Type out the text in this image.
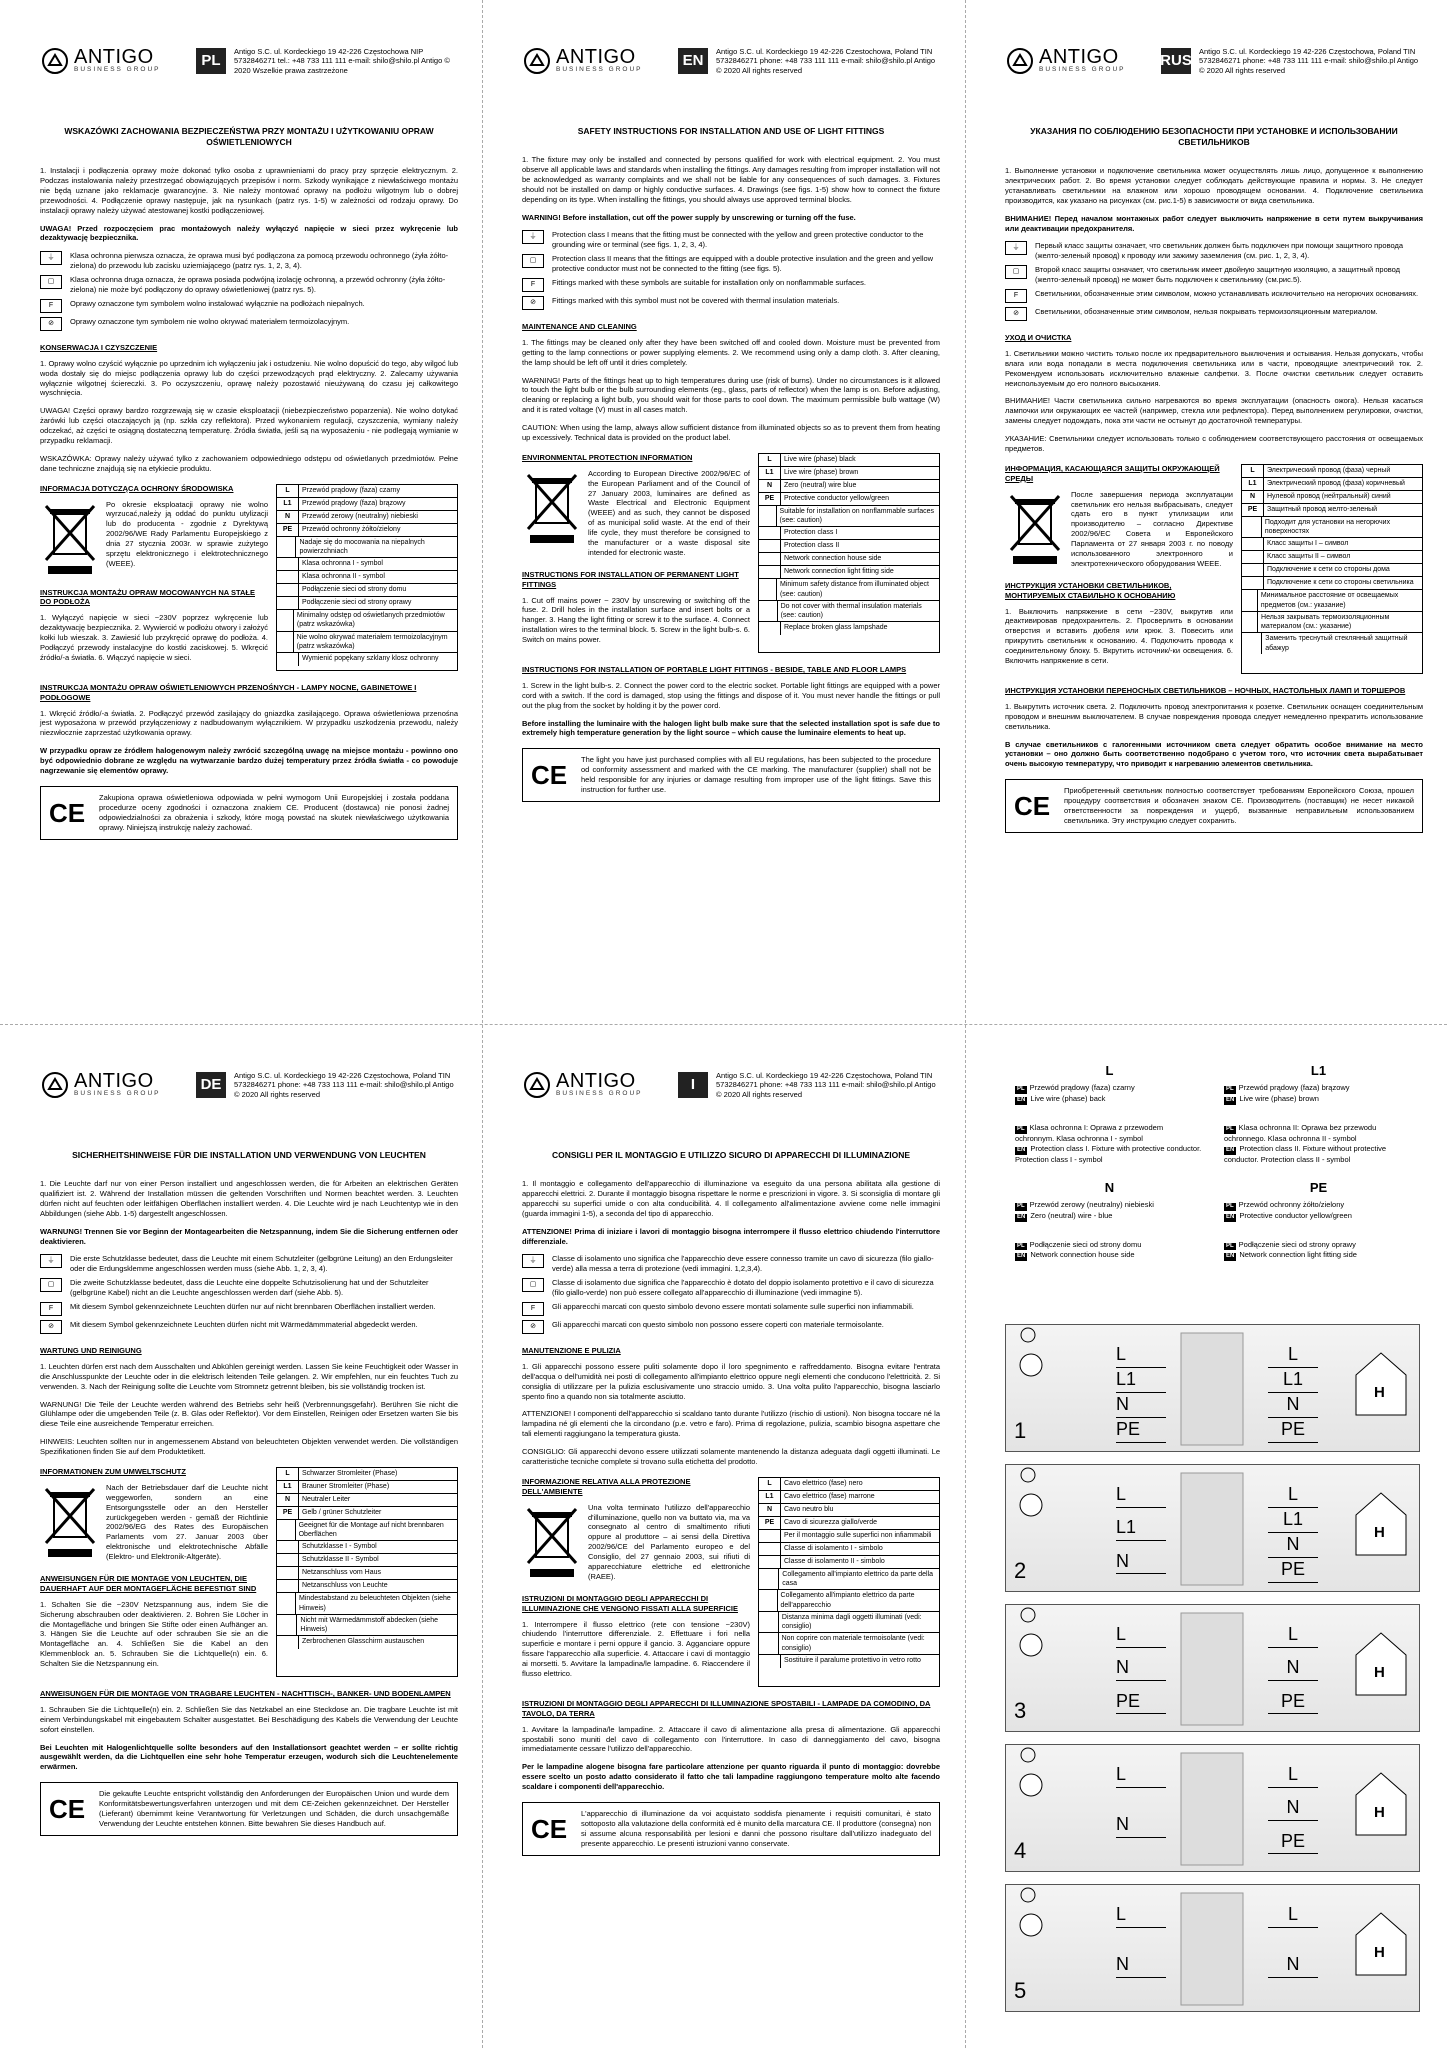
ANTIGO
BUSINESS GROUP
PL
Antigo S.C. ul. Kordeckiego 19 42-226 Częstochowa NIP 5732846271 tel.: +48 733 111 111 e-mail: shilo@shilo.pl Antigo © 2020 Wszelkie prawa zastrzeżone
WSKAZÓWKI ZACHOWANIA BEZPIECZEŃSTWA PRZY MONTAŻU I UŻYTKOWANIU OPRAW OŚWIETLENIOWYCH
1. Instalacji i podłączenia oprawy może dokonać tylko osoba z uprawnieniami do pracy przy sprzęcie elektrycznym. 2. Podczas instalowania należy przestrzegać obowiązujących przepisów i norm. Szkody wynikające z niewłaściwego montażu nie będą uznane jako reklamacje gwarancyjne. 3. Nie należy montować oprawy na podłożu wilgotnym lub o dobrej przewodności. 4. Podłączenie oprawy następuje, jak na rysunkach (patrz rys. 1-5) w zależności od rodzaju oprawy. Do instalacji oprawy należy używać atestowanej kostki podłączeniowej.
UWAGA! Przed rozpoczęciem prac montażowych należy wyłączyć napięcie w sieci przez wykręcenie lub dezaktywację bezpiecznika.
⏚	Klasa ochronna pierwsza oznacza, że oprawa musi być podłączona za pomocą przewodu ochronnego (żyła żółto-zielona) do przewodu lub zacisku uziemiającego (patrz rys. 1, 2, 3, 4).
▢	Klasa ochronna druga oznacza, że oprawa posiada podwójną izolację ochronną, a przewód ochronny (żyła żółto-zielona) nie może być podłączony do oprawy oświetleniowej (patrz rys. 5).
F	Oprawy oznaczone tym symbolem wolno instalować wyłącznie na podłożach niepalnych.
⊘	Oprawy oznaczone tym symbolem nie wolno okrywać materiałem termoizolacyjnym.
KONSERWACJA I CZYSZCZENIE
1. Oprawy wolno czyścić wyłącznie po uprzednim ich wyłączeniu jak i ostudzeniu. Nie wolno dopuścić do tego, aby wilgoć lub woda dostały się do miejsc podłączenia oprawy lub do części przewodzących prąd elektryczny. 2. Zalecamy używania wyłącznie wilgotnej ściereczki. 3. Po oczyszczeniu, oprawę należy pozostawić nieużywaną do czasu jej całkowitego wyschnięcia.
UWAGA! Części oprawy bardzo rozgrzewają się w czasie eksploatacji (niebezpieczeństwo poparzenia). Nie wolno dotykać żarówki lub części otaczających ją (np. szkła czy reflektora). Przed wykonaniem regulacji, czyszczenia, wymiany należy odczekać, aż części te osiągną dostateczną temperaturę. Źródła światła, jeśli są na wyposażeniu - nie podlegają wymianie w przypadku reklamacji.
WSKAZÓWKA: Oprawy należy używać tylko z zachowaniem odpowiedniego odstępu od oświetlanych przedmiotów. Pełne dane techniczne znajdują się na etykiecie produktu.
INFORMACJA DOTYCZĄCA OCHRONY ŚRODOWISKA
Po okresie eksploatacji oprawy nie wolno wyrzucać,należy ją oddać do punktu utylizacji lub do producenta - zgodnie z Dyrektywą 2002/96/WE Rady Parlamentu Europejskiego z dnia 27 stycznia 2003r. w sprawie zużytego sprzętu elektronicznego i elektrotechnicznego (WEEE).
INSTRUKCJA MONTAŻU OPRAW MOCOWANYCH NA STAŁE DO PODŁOŻA
1. Wyłączyć napięcie w sieci ~230V poprzez wykręcenie lub dezaktywację bezpiecznika. 2. Wywiercić w podłożu otwory i założyć kołki lub wieszak. 3. Zawiesić lub przykręcić oprawę do podłoża. 4. Podłączyć przewody instalacyjne do kostki zaciskowej. 5. Wkręcić źródło/-a światła. 6. Włączyć napięcie w sieci.
L	Przewód prądowy (faza) czarny
L1	Przewód prądowy (faza) brązowy
N	Przewód zerowy (neutralny) niebieski
PE	Przewód ochronny żółto/zielony
Nadaje się do mocowania na niepalnych powierzchniach
Klasa ochronna I - symbol
Klasa ochronna II - symbol
Podłączenie sieci od strony domu
Podłączenie sieci od strony oprawy
Minimalny odstęp od oświetlanych przedmiotów (patrz wskazówka)
Nie wolno okrywać materiałem termoizolacyjnym (patrz wskazówka)
Wymienić popękany szklany klosz ochronny
INSTRUKCJA MONTAŻU OPRAW OŚWIETLENIOWYCH PRZENOŚNYCH - LAMPY NOCNE, GABINETOWE I PODŁOGOWE
1. Wkręcić źródło/-a światła. 2. Podłączyć przewód zasilający do gniazdka zasilającego. Oprawa oświetleniowa przenośna jest wyposażona w przewód przyłączeniowy z nadbudowanym wyłącznikiem. W przypadku uszkodzenia przewodu, należy niezwłocznie zaprzestać użytkowania oprawy.
W przypadku opraw ze źródłem halogenowym należy zwrócić szczególną uwagę na miejsce montażu - powinno ono być odpowiednio dobrane ze względu na wytwarzanie bardzo dużej temperatury przez źródła światła - co powoduje nagrzewanie się elementów oprawy.
CE
Zakupiona oprawa oświetleniowa odpowiada w pełni wymogom Unii Europejskiej i została poddana procedurze oceny zgodności i oznaczona znakiem CE. Producent (dostawca) nie ponosi żadnej odpowiedzialności za obrażenia i szkody, które mogą powstać na skutek niewłaściwego użytkowania oprawy. Niniejszą instrukcję należy zachować.
ANTIGO
BUSINESS GROUP
EN
Antigo S.C. ul. Kordeckiego 19 42-226 Czestochowa, Poland TIN 5732846271 phone: +48 733 111 111 e-mail: shilo@shilo.pl Antigo © 2020 All rights reserved
SAFETY INSTRUCTIONS FOR INSTALLATION AND USE OF LIGHT FITTINGS
1. The fixture may only be installed and connected by persons qualified for work with electrical equipment. 2. You must observe all applicable laws and standards when installing the fittings. Any damages resulting from improper installation will not be acknowledged as warranty complaints and we shall not be liable for any consequences of such damages. 3. Fixtures should not be installed on damp or highly conductive surfaces. 4. Drawings (see figs. 1-5) show how to connect the fixture depending on its type. When installing the fittings, you should always use approved terminal blocks.
WARNING! Before installation, cut off the power supply by unscrewing or turning off the fuse.
⏚	Protection class I means that the fitting must be connected with the yellow and green protective conductor to the grounding wire or terminal (see figs. 1, 2, 3, 4).
▢	Protection class II means that the fittings are equipped with a double protective insulation and the green and yellow protective conductor must not be connected to the fitting (see figs. 5).
F	Fittings marked with these symbols are suitable for installation only on nonflammable surfaces.
⊘	Fittings marked with this symbol must not be covered with thermal insulation materials.
MAINTENANCE AND CLEANING
1. The fittings may be cleaned only after they have been switched off and cooled down. Moisture must be prevented from getting to the lamp connections or power supplying elements. 2. We recommend using only a damp cloth. 3. After cleaning, the lamp should be left off until it dries completely.
WARNING! Parts of the fittings heat up to high temperatures during use (risk of burns). Under no circumstances is it allowed to touch the light bulb or the bulb surrounding elements (eg., glass, parts of reflector) when the lamp is on. Before adjusting, cleaning or replacing a light bulb, you should wait for those parts to cool down. The maximum permissible bulb wattage (W) and it is rated voltage (V) must in all cases match.
CAUTION: When using the lamp, always allow sufficient distance from illuminated objects so as to prevent them from heating up excessively. Technical data is provided on the product label.
ENVIRONMENTAL PROTECTION INFORMATION
According to European Directive 2002/96/EC of the European Parliament and of the Council of 27 January 2003, luminaires are defined as Waste Electrical and Electronic Equipment (WEEE) and as such, they cannot be disposed of as municipal solid waste. At the end of their life cycle, they must therefore be consigned to the manufacturer or a waste disposal site intended for electronic waste.
INSTRUCTIONS FOR INSTALLATION OF PERMANENT LIGHT FITTINGS
1. Cut off mains power ~ 230V by unscrewing or switching off the fuse. 2. Drill holes in the installation surface and insert bolts or a hanger. 3. Hang the light fitting or screw it to the surface. 4. Connect installation wires to the terminal block. 5. Screw in the light bulb-s. 6. Switch on mains power.
L	Live wire (phase) black
L1	Live wire (phase) brown
N	Zero (neutral) wire blue
PE	Protective conductor yellow/green
Suitable for installation on nonflammable surfaces (see: caution)
Protection class I
Protection class II
Network connection house side
Network connection light fitting side
Minimum safety distance from illuminated object (see: caution)
Do not cover with thermal insulation materials (see: caution)
Replace broken glass lampshade
INSTRUCTIONS FOR INSTALLATION OF PORTABLE LIGHT FITTINGS - BESIDE, TABLE AND FLOOR LAMPS
1. Screw in the light bulb-s. 2. Connect the power cord to the electric socket. Portable light fittings are equipped with a power cord with a switch. If the cord is damaged, stop using the fittings and dispose of it. You must never handle the fittings or pull out the plug from the socket by holding it by the power cord.
Before installing the luminaire with the halogen light bulb make sure that the selected installation spot is safe due to extremely high temperature generation by the light source – which cause the luminaire elements to heat up.
CE
The light you have just purchased complies with all EU regulations, has been subjected to the procedure od conformity assessment and marked with the CE marking. The manufacturer (supplier) shall not be held responsible for any injuries or damage resulting from improper use of the light fittings. Save this instruction for further use.
ANTIGO
BUSINESS GROUP
RUS
Antigo S.C. ul. Kordeckiego 19 42-226 Częstochowa, Poland TIN 5732846271 phone: +48 733 111 111 e-mail: shilo@shilo.pl Antigo © 2020 All rights reserved
УКАЗАНИЯ ПО СОБЛЮДЕНИЮ БЕЗОПАСНОСТИ ПРИ УСТАНОВКЕ И ИСПОЛЬЗОВАНИИ СВЕТИЛЬНИКОВ
1. Выполнение установки и подключение светильника может осуществлять лишь лицо, допущенное к выполнению электрических работ. 2. Во время установки следует соблюдать действующие правила и нормы. 3. Не следует устанавливать светильники на влажном или хорошо проводящем основании. 4. Подключение светильника производится, как указано на рисунках (см. рис.1-5) в зависимости от вида светильника.
ВНИМАНИЕ! Перед началом монтажных работ следует выключить напряжение в сети путем выкручивания или деактивации предохранителя.
⏚	Первый класс защиты означает, что светильник должен быть подключен при помощи защитного провода (желто-зеленый провод) к проводу или зажиму заземления (см. рис. 1, 2, 3, 4).
▢	Второй класс защиты означает, что светильник имеет двойную защитную изоляцию, а защитный провод (желто-зеленый провод) не может быть подключен к светильнику (см.рис.5).
F	Светильники, обозначенные этим символом, можно устанавливать исключительно на негорючих основаниях.
⊘	Светильники, обозначенные этим символом, нельзя покрывать термоизоляционным материалом.
УХОД И ОЧИСТКА
1. Светильники можно чистить только после их предварительного выключения и остывания. Нельзя допускать, чтобы влага или вода попадали в места подключения светильника или в части, проводящие электрический ток. 2. Рекомендуем использовать исключительно влажные салфетки. 3. После очистки светильник следует оставить неиспользуемым до его полного высыхания.
ВНИМАНИЕ! Части светильника сильно нагреваются во время эксплуатации (опасность ожога). Нельзя касаться лампочки или окружающих ее частей (например, стекла или рефлектора). Перед выполнением регулировки, очистки, замены следует подождать, пока эти части не остынут до достаточной температуры.
УКАЗАНИЕ: Светильники следует использовать только с соблюдением соответствующего расстояния от освещаемых предметов.
ИНФОРМАЦИЯ, КАСАЮЩАЯСЯ ЗАЩИТЫ ОКРУЖАЮЩЕЙ СРЕДЫ
После завершения периода эксплуатации светильник его нельзя выбрасывать, следует сдать его в пункт утилизации или производителю – согласно Директиве 2002/96/ЕС Совета и Европейского Парламента от 27 января 2003 г. по поводу использованного электронного и электротехнического оборудования WEEE.
ИНСТРУКЦИЯ УСТАНОВКИ СВЕТИЛЬНИКОВ, МОНТИРУЕМЫХ СТАБИЛЬНО К ОСНОВАНИЮ
1. Выключить напряжение в сети ~230V, выкрутив или деактивировав предохранитель. 2. Просверлить в основании отверстия и вставить дюбеля или крюк. 3. Повесить или прикрутить светильник к основанию. 4. Подключить провода к соединительному блоку. 5. Вкрутить источник/-ки освещения. 6. Включить напряжение в сети.
L	Электрический провод (фаза) черный
L1	Электрический провод (фаза) коричневый
N	Нулевой провод (нейтральный) синий
PE	Защитный провод желто-зеленый
Подходит для установки на негорючих поверхностях
Класс защиты I – символ
Класс защиты II – символ
Подключение к сети со стороны дома
Подключение к сети со стороны светильника
Минимальное расстояние от освещаемых предметов (см.: указание)
Нельзя закрывать термоизоляционным материалом (см.: указание)
Заменить треснутый стеклянный защитный абажур
ИНСТРУКЦИЯ УСТАНОВКИ ПЕРЕНОСНЫХ СВЕТИЛЬНИКОВ – НОЧНЫХ, НАСТОЛЬНЫХ ЛАМП И ТОРШЕРОВ
1. Выкрутить источник света. 2. Подключить провод электропитания к розетке. Светильник оснащен соединительным проводом и внешним выключателем. В случае повреждения провода следует немедленно прекратить использование светильника.
В случае светильников с галогенными источником света следует обратить особое внимание на место установки – оно должно быть соответственно подобрано с учетом того, что источник света вырабатывает очень высокую температуру, что приводит к нагреванию элементов светильника.
CE
Приобретенный светильник полностью соответствует требованиям Европейского Союза, прошел процедуру соответствия и обозначен знаком CE. Производитель (поставщик) не несет никакой ответственности за повреждения и ущерб, вызванные неправильным использованием светильника. Эту инструкцию следует сохранить.
ANTIGO
BUSINESS GROUP
DE
Antigo S.C. ul. Kordeckiego 19 42-226 Częstochowa, Poland TIN 5732846271 phone: +48 733 113 111 e-mail: shilo@shilo.pl Antigo © 2020 All rights reserved
SICHERHEITSHINWEISE FÜR DIE INSTALLATION UND VERWENDUNG VON LEUCHTEN
1. Die Leuchte darf nur von einer Person installiert und angeschlossen werden, die für Arbeiten an elektrischen Geräten qualifiziert ist. 2. Während der Installation müssen die geltenden Vorschriften und Normen beachtet werden. 3. Leuchten dürfen nicht auf feuchten oder leitfähigen Oberflächen installiert werden. 4. Die Leuchte wird je nach Leuchtentyp wie in den Abbildungen (siehe Abb. 1-5) dargestellt angeschlossen.
WARNUNG! Trennen Sie vor Beginn der Montagearbeiten die Netzspannung, indem Sie die Sicherung entfernen oder deaktivieren.
⏚	Die erste Schutzklasse bedeutet, dass die Leuchte mit einem Schutzleiter (gelbgrüne Leitung) an den Erdungsleiter oder die Erdungsklemme angeschlossen werden muss (siehe Abb. 1, 2, 3, 4).
▢	Die zweite Schutzklasse bedeutet, dass die Leuchte eine doppelte Schutzisolierung hat und der Schutzleiter (gelbgrüne Kabel) nicht an die Leuchte angeschlossen werden darf (siehe Abb. 5).
F	Mit diesem Symbol gekennzeichnete Leuchten dürfen nur auf nicht brennbaren Oberflächen installiert werden.
⊘	Mit diesem Symbol gekennzeichnete Leuchten dürfen nicht mit Wärmedämmmaterial abgedeckt werden.
WARTUNG UND REINIGUNG
1. Leuchten dürfen erst nach dem Ausschalten und Abkühlen gereinigt werden. Lassen Sie keine Feuchtigkeit oder Wasser in die Anschlusspunkte der Leuchte oder in die elektrisch leitenden Teile gelangen. 2. Wir empfehlen, nur ein feuchtes Tuch zu verwenden. 3. Nach der Reinigung sollte die Leuchte vom Stromnetz getrennt bleiben, bis sie vollständig trocken ist.
WARNUNG! Die Teile der Leuchte werden während des Betriebs sehr heiß (Verbrennungsgefahr). Berühren Sie nicht die Glühlampe oder die umgebenden Teile (z. B. Glas oder Reflektor). Vor dem Einstellen, Reinigen oder Ersetzen warten Sie bis diese Teile eine ausreichende Temperatur erreichen.
HINWEIS: Leuchten sollten nur in angemessenem Abstand von beleuchteten Objekten verwendet werden. Die vollständigen Spezifikationen finden Sie auf dem Produktetikett.
INFORMATIONEN ZUM UMWELTSCHUTZ
Nach der Betriebsdauer darf die Leuchte nicht weggeworfen, sondern an eine Entsorgungsstelle oder an den Hersteller zurückgegeben werden - gemäß der Richtlinie 2002/96/EG des Rates des Europäischen Parlaments vom 27. Januar 2003 über elektronische und elektrotechnische Abfälle (Elektro- und Elektronik-Altgeräte).
ANWEISUNGEN FÜR DIE MONTAGE VON LEUCHTEN, DIE DAUERHAFT AUF DER MONTAGEFLÄCHE BEFESTIGT SIND
1. Schalten Sie die ~230V Netzspannung aus, indem Sie die Sicherung abschrauben oder deaktivieren. 2. Bohren Sie Löcher in die Montagefläche und bringen Sie Stifte oder einen Aufhänger an. 3. Hängen Sie die Leuchte auf oder schrauben Sie sie an die Montagefläche an. 4. Schließen Sie die Kabel an den Klemmenblock an. 5. Schrauben Sie die Lichtquelle(n) ein. 6. Schalten Sie die Netzspannung ein.
L	Schwarzer Stromleiter (Phase)
L1	Brauner Stromleiter (Phase)
N	Neutraler Leiter
PE	Gelb / grüner Schutzleiter
Geeignet für die Montage auf nicht brennbaren Oberflächen
Schutzklasse I - Symbol
Schutzklasse II - Symbol
Netzanschluss vom Haus
Netzanschluss von Leuchte
Mindestabstand zu beleuchteten Objekten (siehe Hinweis)
Nicht mit Wärmedämmstoff abdecken (siehe Hinweis)
Zerbrochenen Glasschirm austauschen
ANWEISUNGEN FÜR DIE MONTAGE VON TRAGBARE LEUCHTEN - NACHTTISCH-, BANKER- UND BODENLAMPEN
1. Schrauben Sie die Lichtquelle(n) ein. 2. Schließen Sie das Netzkabel an eine Steckdose an. Die tragbare Leuchte ist mit einem Verbindungskabel mit eingebautem Schalter ausgestattet. Bei Beschädigung des Kabels die Verwendung der Leuchte sofort einstellen.
Bei Leuchten mit Halogenlichtquelle sollte besonders auf den Installationsort geachtet werden – er sollte richtig ausgewählt werden, da die Lichtquellen eine sehr hohe Temperatur erzeugen, wodurch sich die Leuchtenelemente erwärmen.
CE
Die gekaufte Leuchte entspricht vollständig den Anforderungen der Europäischen Union und wurde dem Konformitätsbewertungsverfahren unterzogen und mit dem CE-Zeichen gekennzeichnet. Der Hersteller (Lieferant) übernimmt keine Verantwortung für Verletzungen und Schäden, die durch unsachgemäße Verwendung der Leuchte entstehen können. Bitte bewahren Sie dieses Handbuch auf.
ANTIGO
BUSINESS GROUP
I
Antigo S.C. ul. Kordeckiego 19 42-226 Częstochowa, Poland TIN 5732846271 phone: +48 733 113 111 e-mail: shilo@shilo.pl Antigo © 2020 All rights reserved
CONSIGLI PER IL MONTAGGIO E UTILIZZO SICURO DI APPARECCHI DI ILLUMINAZIONE
1. Il montaggio e collegamento dell'apparecchio di illuminazione va eseguito da una persona abilitata alla gestione di apparecchi elettrici. 2. Durante il montaggio bisogna rispettare le norme e prescrizioni in vigore. 3. Si sconsiglia di montare gli apparecchi su superfici umide o con alta conducibilità. 4. Il collegamento all'alimentazione avviene come nelle immagini (guarda immagini 1-5), a seconda del tipo di apparecchio.
ATTENZIONE! Prima di iniziare i lavori di montaggio bisogna interrompere il flusso elettrico chiudendo l'interruttore differenziale.
⏚	Classe di isolamento uno significa che l'apparecchio deve essere connesso tramite un cavo di sicurezza (filo giallo-verde) alla messa a terra di protezione (vedi immagini. 1,2,3,4).
▢	Classe di isolamento due significa che l'apparecchio è dotato del doppio isolamento protettivo e il cavo di sicurezza (filo giallo-verde) non può essere collegato all'apparecchio di illuminazione (vedi immagine 5).
F	Gli apparecchi marcati con questo simbolo devono essere montati solamente sulle superfici non infiammabili.
⊘	Gli apparecchi marcati con questo simbolo non possono essere coperti con materiale termoisolante.
MANUTENZIONE E PULIZIA
1. Gli apparecchi possono essere puliti solamente dopo il loro spegnimento e raffreddamento. Bisogna evitare l'entrata dell'acqua o dell'umidità nei posti di collegamento all'impianto elettrico oppure negli elementi che conducono l'elettricità. 2. Si consiglia di utilizzare per la pulizia esclusivamente uno straccio umido. 3. Una volta pulito l'apparecchio, bisogna lasciarlo spento fino a quando non sia totalmente asciutto.
ATTENZIONE! I componenti dell'apparecchio si scaldano tanto durante l'utilizzo (rischio di ustioni). Non bisogna toccare né la lampadina né gli elementi che la circondano (p.e. vetro e faro). Prima di regolazione, pulizia, scambio bisogna aspettare che tali elementi raggiungano la temperatura giusta.
CONSIGLIO: Gli apparecchi devono essere utilizzati solamente mantenendo la distanza adeguata dagli oggetti illuminati. Le caratteristiche tecniche complete si trovano sulla etichetta del prodotto.
INFORMAZIONE RELATIVA ALLA PROTEZIONE DELL'AMBIENTE
Una volta terminato l'utilizzo dell'apparecchio d'illuminazione, quello non va buttato via, ma va consegnato al centro di smaltimento rifiuti oppure al produttore – ai sensi della Direttiva 2002/96/CE del Parlamento europeo e del Consiglio, del 27 gennaio 2003, sui rifiuti di apparecchiature elettriche ed elettroniche (RAEE).
ISTRUZIONI DI MONTAGGIO DEGLI APPARECCHI DI ILLUMINAZIONE CHE VENGONO FISSATI ALLA SUPERFICIE
1. Interrompere il flusso elettrico (rete con tensione ~230V) chiudendo l'interruttore differenziale. 2. Effettuare i fori nella superficie e montare i perni oppure il gancio. 3. Agganciare oppure fissare l'apparecchio alla superficie. 4. Attaccare i cavi di montaggio ai morsetti. 5. Avvitare la lampadina/le lampadine. 6. Riaccendere il flusso elettrico.
L	Cavo elettrico (fase) nero
L1	Cavo elettrico (fase) marrone
N	Cavo neutro blu
PE	Cavo di sicurezza giallo/verde
Per il montaggio sulle superfici non infiammabili
Classe di isolamento I - simbolo
Classe di isolamento II - simbolo
Collegamento all'impianto elettrico da parte della casa
Collegamento all'impianto elettrico da parte dell'apparecchio
Distanza minima dagli oggetti illuminati (vedi: consiglio)
Non coprire con materiale termoisolante (vedi: consiglio)
Sostituire il paralume protettivo in vetro rotto
ISTRUZIONI DI MONTAGGIO DEGLI APPARECCHI DI ILLUMINAZIONE SPOSTABILI - LAMPADE DA COMODINO, DA TAVOLO, DA TERRA
1. Avvitare la lampadina/le lampadine. 2. Attaccare il cavo di alimentazione alla presa di alimentazione. Gli apparecchi spostabili sono muniti del cavo di collegamento con l'interruttore. In caso di danneggiamento del cavo, bisogna immediatamente cessare l'utilizzo dell'apparecchio.
Per le lampadine alogene bisogna fare particolare attenzione per quanto riguarda il punto di montaggio: dovrebbe essere scelto un posto adatto considerato il fatto che tali lampadine raggiungono temperature molto alte facendo scaldare i componenti dell'apparecchio.
CE
L'apparecchio di illuminazione da voi acquistato soddisfa pienamente i requisiti comunitari, è stato sottoposto alla valutazione della conformità ed è munito della marcatura CE. Il produttore (consegna) non si assume alcuna responsabilità per lesioni e danni che possono risultare dall'utilizzo inadeguato del presente apparecchio. Le presenti istruzioni vanno conservate.
L
PL Przewód prądowy (faza) czarny
EN Live wire (phase) back
L1
PL Przewód prądowy (faza) brązowy
EN Live wire (phase) brown
PL Klasa ochronna I: Oprawa z przewodem ochronnym. Klasa ochronna I - symbol
EN Protection class I. Fixture with protective conductor. Protection class I - symbol
PL Klasa ochronna II: Oprawa bez przewodu ochronnego. Klasa ochronna II - symbol
EN Protection class II. Fixture without protective conductor. Protection class II - symbol
N
PL Przewód zerowy (neutralny) niebieski
EN Zero (neutral) wire - blue
PE
PL Przewód ochronny żółto/zielony
EN Protective conductor yellow/green
PL Podłączenie sieci od strony domu
EN Network connection house side
PL Podłączenie sieci od strony oprawy
EN Network connection light fitting side
L
L1
N
PE
L
L1
N
PE
H
1
L
L1
N
L
L1
N
PE
H
2
L
N
PE
L
N
PE
H
3
L
N
L
N
PE
H
4
L
N
L
N
H
5
